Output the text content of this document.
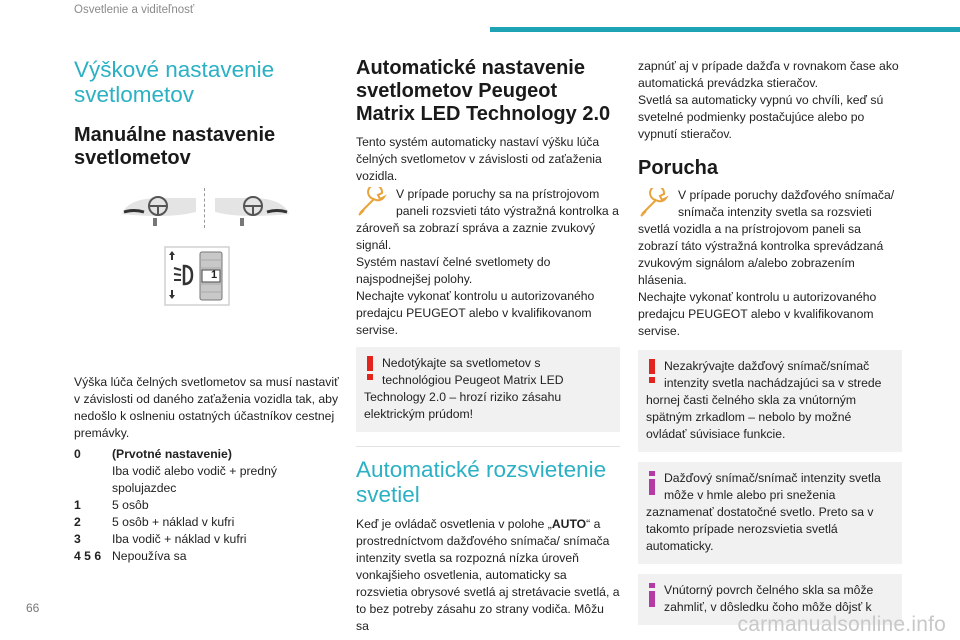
Osvetlenie a viditeľnosť
Výškové nastavenie svetlometov
Manuálne nastavenie svetlometov
1

Výška lúča čelných svetlometov sa musí nastaviť v závislosti od daného zaťaženia vozidla tak, aby nedošlo k oslneniu ostatných účastníkov cestnej premávky.

0	(Prvotné nastavenie)
Iba vodič alebo vodič + predný spolujazdec
1	5 osôb
2	5 osôb + náklad v kufri
3	Iba vodič + náklad v kufri
4 5 6 Nepoužíva sa
Automatické nastavenie svetlometov Peugeot Matrix LED Technology 2.0

Tento systém automaticky nastaví výšku lúča čelných svetlometov v závislosti od zaťaženia vozidla.

V prípade poruchy sa na prístrojovom paneli rozsvieti táto výstražná kontrolka a zároveň sa zobrazí správa a zaznie zvukový signál.

Systém nastaví čelné svetlomety do najspodnejšej polohy.

Nechajte vykonať kontrolu u autorizovaného predajcu PEUGEOT alebo v kvalifikovanom servise.

Nedotýkajte sa svetlometov s technológiou Peugeot Matrix LED Technology 2.0 – hrozí riziko zásahu elektrickým prúdom!

Automatické rozsvietenie svetiel

Keď je ovládač osvetlenia v polohe „AUTO“ a prostredníctvom dažďového snímača/ snímača intenzity svetla sa rozpozná nízka úroveň vonkajšieho osvetlenia, automaticky sa rozsvietia obrysové svetlá aj stretávacie svetlá, a to bez potreby zásahu zo strany vodiča. Môžu sa

zapnúť aj v prípade dažďa v rovnakom čase ako automatická prevádzka stieračov.

Svetlá sa automaticky vypnú vo chvíli, keď sú svetelné podmienky postačujúce alebo po vypnutí stieračov.

Porucha

V prípade poruchy dažďového snímača/ snímača intenzity svetla sa rozsvieti svetlá vozidla a na prístrojovom paneli sa zobrazí táto výstražná kontrolka sprevádzaná zvukovým signálom a/alebo zobrazením hlásenia.

Nechajte vykonať kontrolu u autorizovaného predajcu PEUGEOT alebo v kvalifikovanom servise.

Nezakrývajte dažďový snímač/snímač intenzity svetla nachádzajúci sa v strede hornej časti čelného skla za vnútorným spätným zrkadlom – nebolo by možné ovládať súvisiace funkcie.

Dažďový snímač/snímač intenzity svetla môže v hmle alebo pri sneženia zaznamenať dostatočné svetlo. Preto sa v takomto prípade nerozsvietia svetlá automaticky.

Vnútorný povrch čelného skla sa môže zahmliť, v dôsledku čoho môže dôjsť k

66
carmanualsonline.info
